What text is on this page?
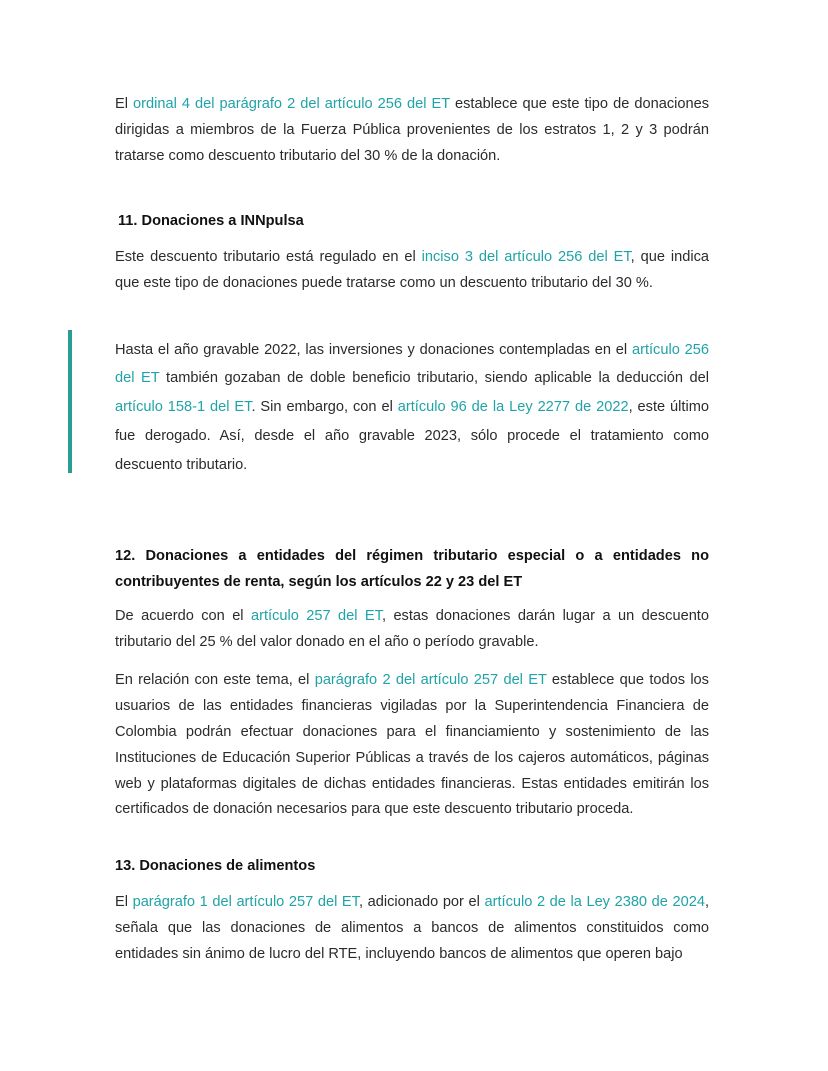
El ordinal 4 del parágrafo 2 del artículo 256 del ET establece que este tipo de donaciones dirigidas a miembros de la Fuerza Pública provenientes de los estratos 1, 2 y 3 podrán tratarse como descuento tributario del 30 % de la donación.

11. Donaciones a INNpulsa

Este descuento tributario está regulado en el inciso 3 del artículo 256 del ET, que indica que este tipo de donaciones puede tratarse como un descuento tributario del 30 %.

Hasta el año gravable 2022, las inversiones y donaciones contempladas en el artículo 256 del ET también gozaban de doble beneficio tributario, siendo aplicable la deducción del artículo 158-1 del ET. Sin embargo, con el artículo 96 de la Ley 2277 de 2022, este último fue derogado. Así, desde el año gravable 2023, sólo procede el tratamiento como descuento tributario.

12. Donaciones a entidades del régimen tributario especial o a entidades no contribuyentes de renta, según los artículos 22 y 23 del ET

De acuerdo con el artículo 257 del ET, estas donaciones darán lugar a un descuento tributario del 25 % del valor donado en el año o período gravable.

En relación con este tema, el parágrafo 2 del artículo 257 del ET establece que todos los usuarios de las entidades financieras vigiladas por la Superintendencia Financiera de Colombia podrán efectuar donaciones para el financiamiento y sostenimiento de las Instituciones de Educación Superior Públicas a través de los cajeros automáticos, páginas web y plataformas digitales de dichas entidades financieras. Estas entidades emitirán los certificados de donación necesarios para que este descuento tributario proceda.

13. Donaciones de alimentos

El parágrafo 1 del artículo 257 del ET, adicionado por el artículo 2 de la Ley 2380 de 2024, señala que las donaciones de alimentos a bancos de alimentos constituidos como entidades sin ánimo de lucro del RTE, incluyendo bancos de alimentos que operen bajo
